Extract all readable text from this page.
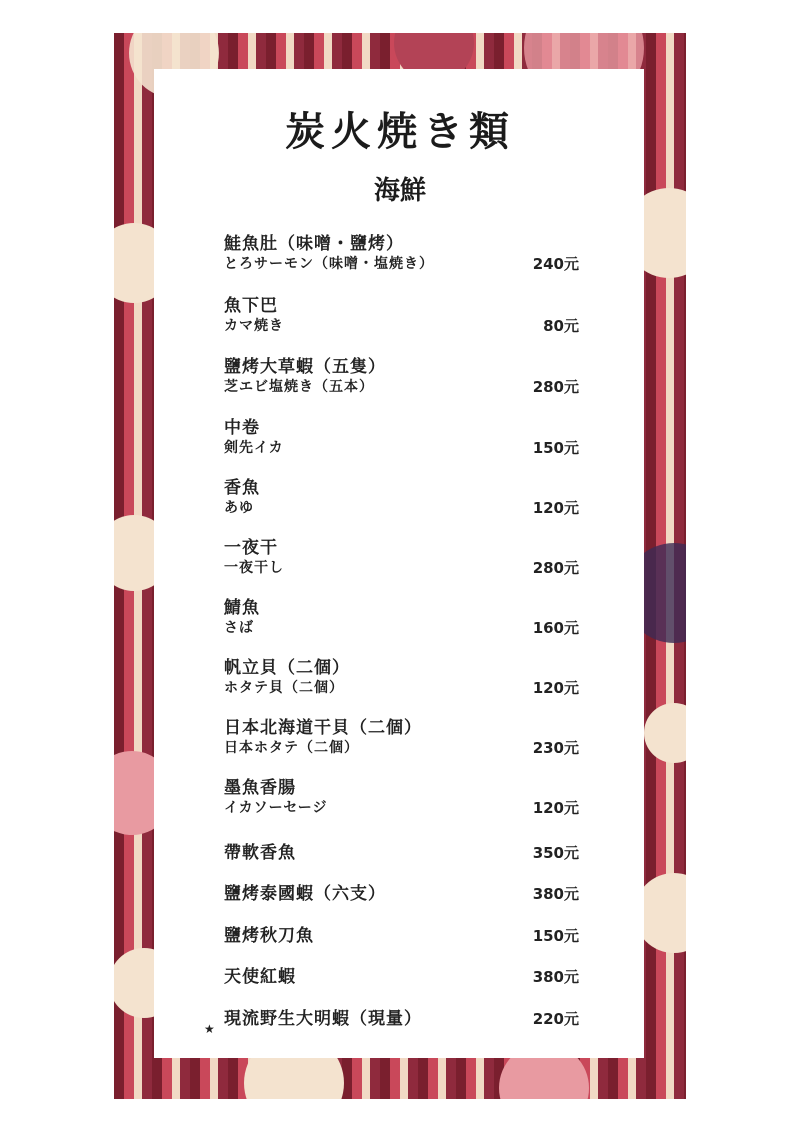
炭火焼き類
海鮮
鮭魚肚（味噌・鹽烤）
とろサーモン（味噌・塩焼き）	240元
魚下巴
カマ焼き	80元
鹽烤大草蝦（五隻）
芝エビ塩焼き（五本）	280元
中卷
剣先イカ	150元
香魚
あゆ	120元
一夜干
一夜干し	280元
鯖魚
さば	160元
帆立貝（二個）
ホタテ貝（二個）	120元
日本北海道干貝（二個）
日本ホタテ（二個）	230元
墨魚香腸
イカソーセージ	120元
帶軟香魚	350元
鹽烤泰國蝦（六支）	380元
鹽烤秋刀魚	150元
天使紅蝦	380元
現流野生大明蝦（現量）	220元
★
